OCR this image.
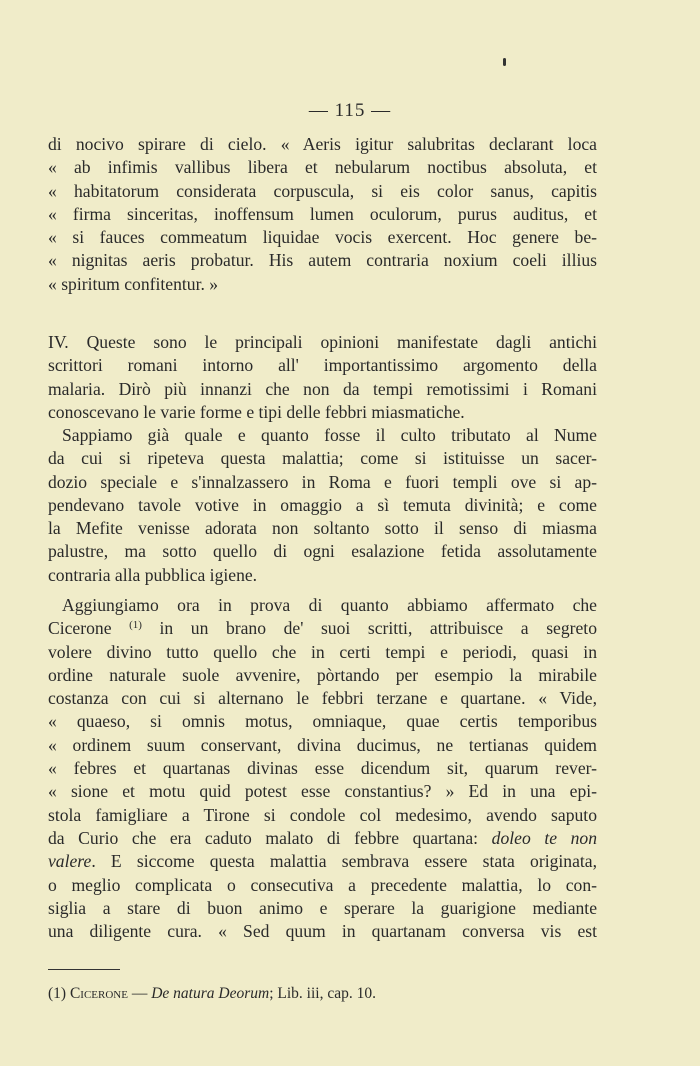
— 115 —
di nocivo spirare di cielo. « Aeris igitur salubritas declarant loca
« ab infimis vallibus libera et nebularum noctibus absoluta, et
« habitatorum considerata corpuscula, si eis color sanus, capitis
« firma sinceritas, inoffensum lumen oculorum, purus auditus, et
« si fauces commeatum liquidae vocis exercent. Hoc genere be-
« nignitas aeris probatur. His autem contraria noxium coeli illius
« spiritum confitentur. »
IV. Queste sono le principali opinioni manifestate dagli antichi
scrittori romani intorno all' importantissimo argomento della
malaria. Dirò più innanzi che non da tempi remotissimi i Romani
conoscevano le varie forme e tipi delle febbri miasmatiche.
Sappiamo già quale e quanto fosse il culto tributato al Nume
da cui si ripeteva questa malattia; come si istituisse un sacer-
dozio speciale e s'innalzassero in Roma e fuori templi ove si ap-
pendevano tavole votive in omaggio a sì temuta divinità; e come
la Mefite venisse adorata non soltanto sotto il senso di miasma
palustre, ma sotto quello di ogni esalazione fetida assolutamente
contraria alla pubblica igiene.
Aggiungiamo ora in prova di quanto abbiamo affermato che
Cicerone $^{(1)}$ in un brano de' suoi scritti, attribuisce a segreto
volere divino tutto quello che in certi tempi e periodi, quasi in
ordine naturale suole avvenire, pòrtando per esempio la mirabile
costanza con cui si alternano le febbri terzane e quartane. « Vide,
« quaeso, si omnis motus, omniaque, quae certis temporibus
« ordinem suum conservant, divina ducimus, ne tertianas quidem
« febres et quartanas divinas esse dicendum sit, quarum rever-
« sione et motu quid potest esse constantius? » Ed in una epi-
stola famigliare a Tirone si condole col medesimo, avendo saputo
da Curio che era caduto malato di febbre quartana: doleo te non
valere. E siccome questa malattia sembrava essere stata originata,
o meglio complicata o consecutiva a precedente malattia, lo con-
siglia a stare di buon animo e sperare la guarigione mediante
una diligente cura. « Sed quum in quartanam conversa vis est
(1) Cicerone — De natura Deorum; Lib. iii, cap. 10.
